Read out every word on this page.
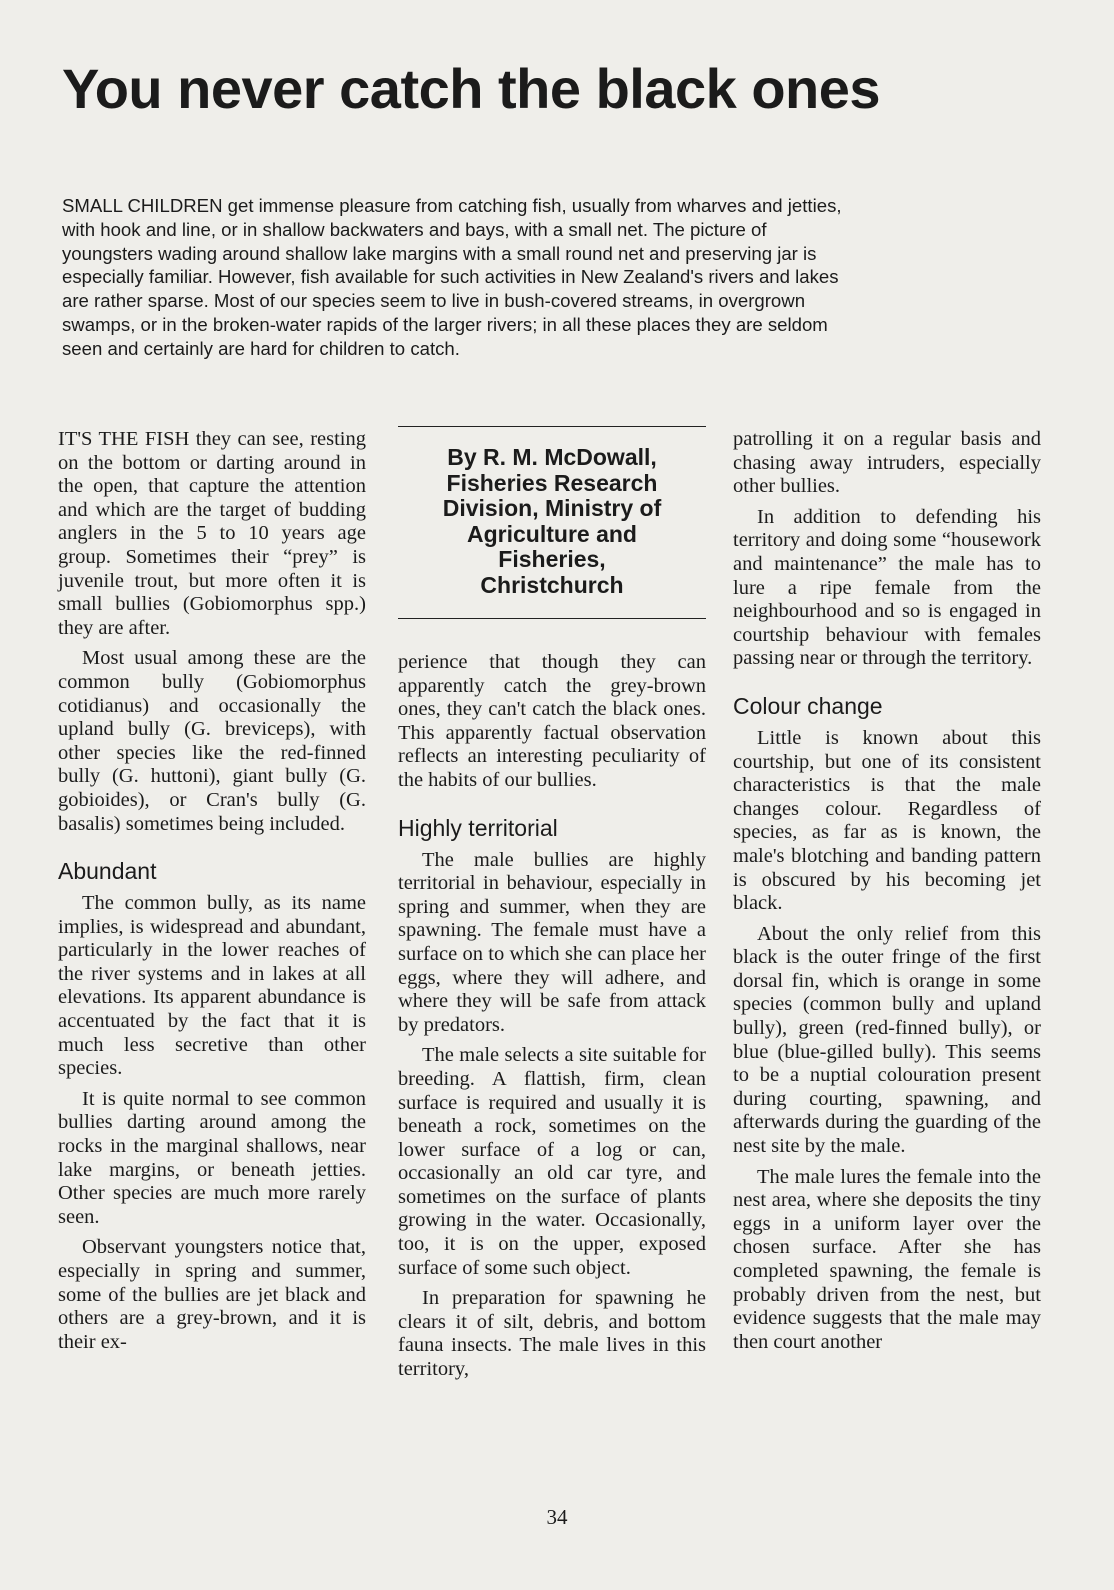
You never catch the black ones

SMALL CHILDREN get immense pleasure from catching fish, usually from wharves and jetties, with hook and line, or in shallow backwaters and bays, with a small net. The picture of youngsters wading around shallow lake margins with a small round net and preserving jar is especially familiar. However, fish available for such activities in New Zealand's rivers and lakes are rather sparse. Most of our species seem to live in bush-covered streams, in overgrown swamps, or in the broken-water rapids of the larger rivers; in all these places they are seldom seen and certainly are hard for children to catch.

IT'S THE FISH they can see, resting on the bottom or darting around in the open, that capture the attention and which are the target of budding anglers in the 5 to 10 years age group. Sometimes their “prey” is juvenile trout, but more often it is small bullies (Gobiomorphus spp.) they are after.

Most usual among these are the common bully (Gobiomorphus cotidianus) and occasionally the upland bully (G. breviceps), with other species like the red-finned bully (G. huttoni), giant bully (G. gobioides), or Cran's bully (G. basalis) sometimes being included.

Abundant

The common bully, as its name implies, is widespread and abundant, particularly in the lower reaches of the river systems and in lakes at all elevations. Its apparent abundance is accentuated by the fact that it is much less secretive than other species.

It is quite normal to see common bullies darting around among the rocks in the marginal shallows, near lake margins, or beneath jetties. Other species are much more rarely seen.

Observant youngsters notice that, especially in spring and summer, some of the bullies are jet black and others are a grey-brown, and it is their ex-

By R. M. McDowall,
Fisheries Research
Division, Ministry of
Agriculture and
Fisheries,
Christchurch

perience that though they can apparently catch the grey-brown ones, they can't catch the black ones. This apparently factual observation reflects an interesting peculiarity of the habits of our bullies.

Highly territorial

The male bullies are highly territorial in behaviour, especially in spring and summer, when they are spawning. The female must have a surface on to which she can place her eggs, where they will adhere, and where they will be safe from attack by predators.

The male selects a site suitable for breeding. A flattish, firm, clean surface is required and usually it is beneath a rock, sometimes on the lower surface of a log or can, occasionally an old car tyre, and sometimes on the surface of plants growing in the water. Occasionally, too, it is on the upper, exposed surface of some such object.

In preparation for spawning he clears it of silt, debris, and bottom fauna insects. The male lives in this territory,

patrolling it on a regular basis and chasing away intruders, especially other bullies.

In addition to defending his territory and doing some “housework and maintenance” the male has to lure a ripe female from the neighbourhood and so is engaged in courtship behaviour with females passing near or through the territory.

Colour change

Little is known about this courtship, but one of its consistent characteristics is that the male changes colour. Regardless of species, as far as is known, the male's blotching and banding pattern is obscured by his becoming jet black.

About the only relief from this black is the outer fringe of the first dorsal fin, which is orange in some species (common bully and upland bully), green (red-finned bully), or blue (blue-gilled bully). This seems to be a nuptial colouration present during courting, spawning, and afterwards during the guarding of the nest site by the male.

The male lures the female into the nest area, where she deposits the tiny eggs in a uniform layer over the chosen surface. After she has completed spawning, the female is probably driven from the nest, but evidence suggests that the male may then court another

34
